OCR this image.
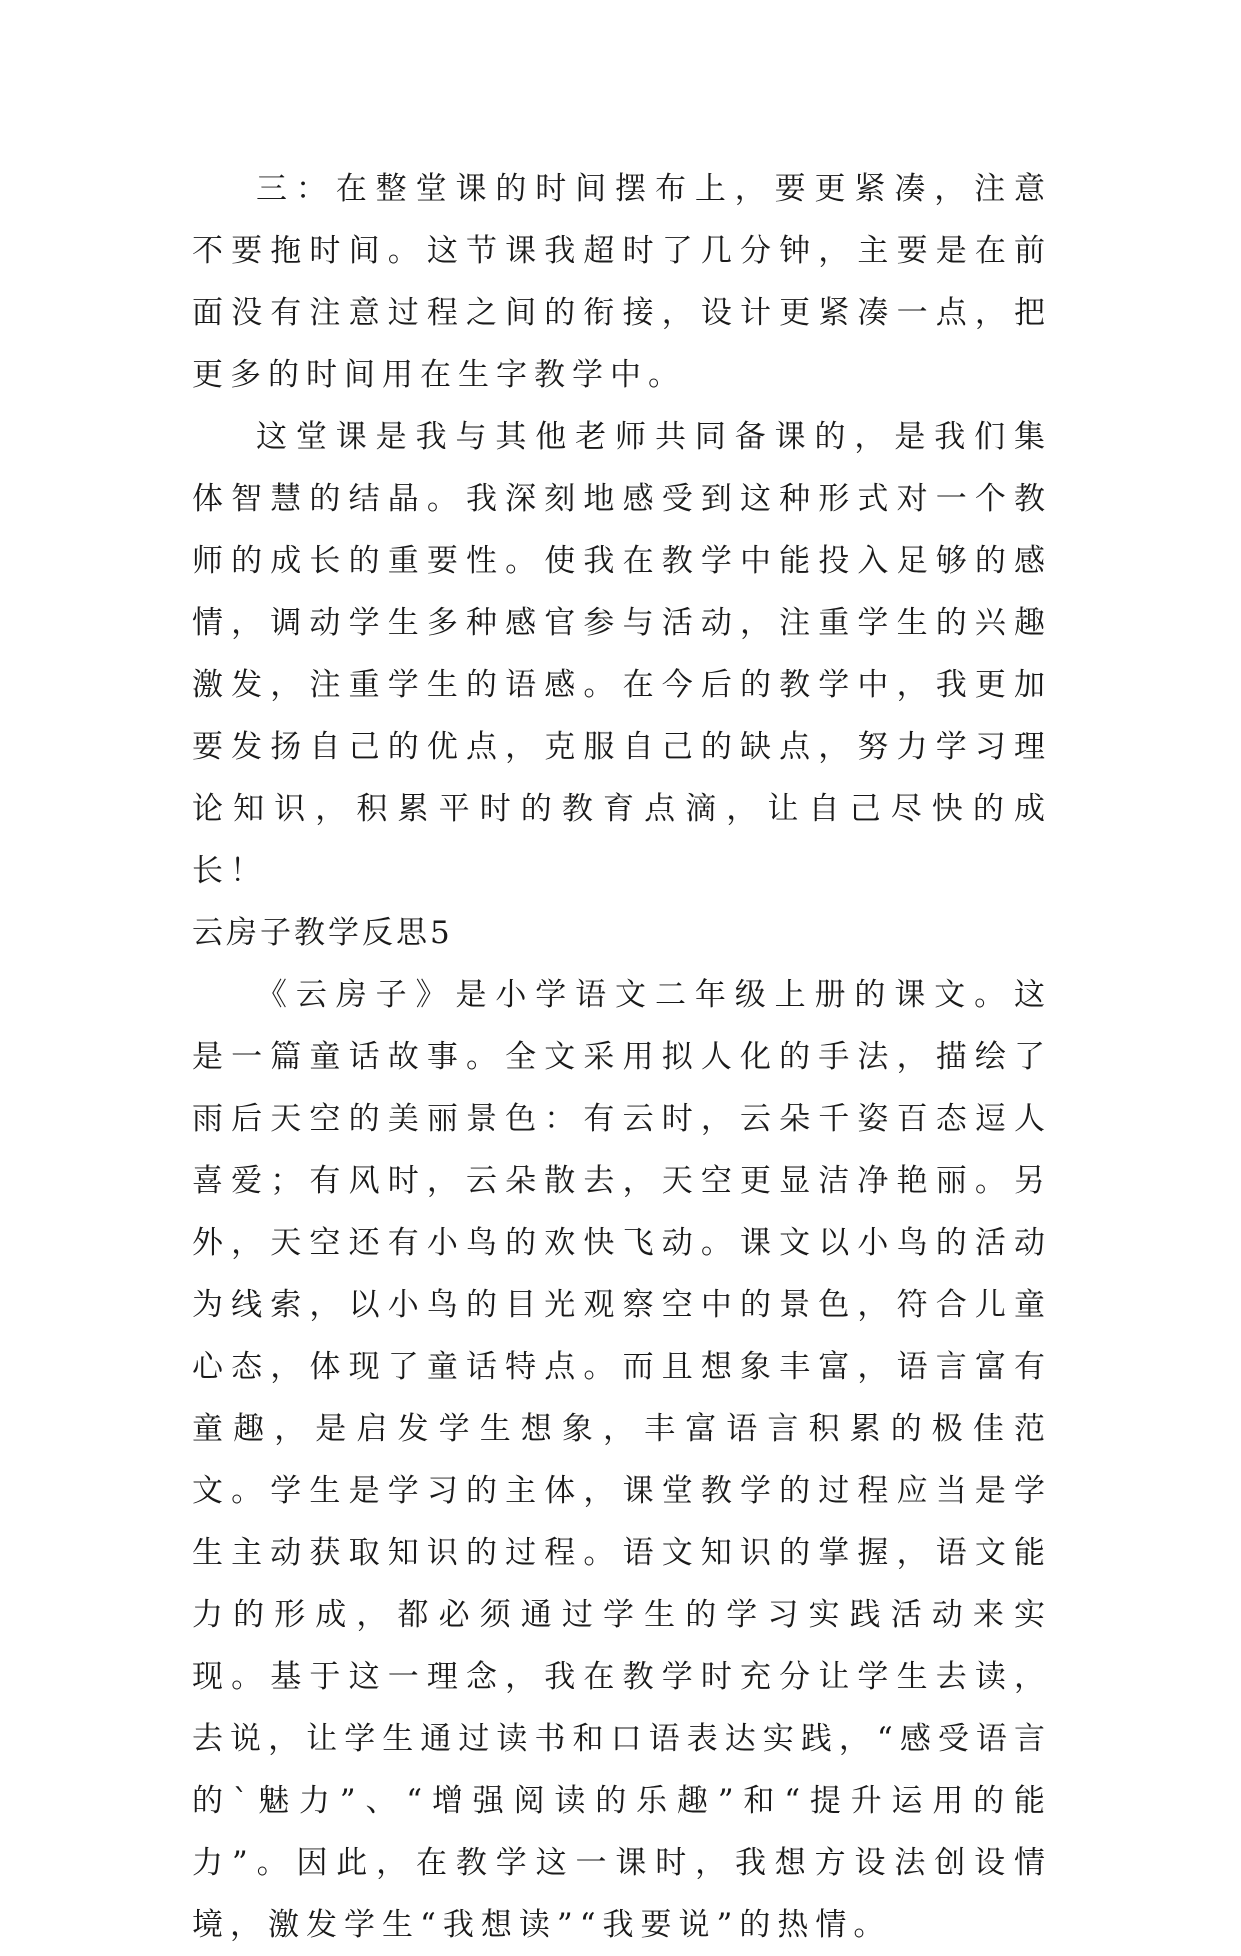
三：在整堂课的时间摆布上，要更紧凑，注意不要拖时间。这节课我超时了几分钟，主要是在前面没有注意过程之间的衔接，设计更紧凑一点，把更多的时间用在生字教学中。

这堂课是我与其他老师共同备课的，是我们集体智慧的结晶。我深刻地感受到这种形式对一个教师的成长的重要性。使我在教学中能投入足够的感情，调动学生多种感官参与活动，注重学生的兴趣激发，注重学生的语感。在今后的教学中，我更加要发扬自己的优点，克服自己的缺点，努力学习理论知识，积累平时的教育点滴，让自己尽快的成长！

云房子教学反思5

《云房子》是小学语文二年级上册的课文。这是一篇童话故事。全文采用拟人化的手法，描绘了雨后天空的美丽景色：有云时，云朵千姿百态逗人喜爱；有风时，云朵散去，天空更显洁净艳丽。另外，天空还有小鸟的欢快飞动。课文以小鸟的活动为线索，以小鸟的目光观察空中的景色，符合儿童心态，体现了童话特点。而且想象丰富，语言富有童趣，是启发学生想象，丰富语言积累的极佳范文。学生是学习的主体，课堂教学的过程应当是学生主动获取知识的过程。语文知识的掌握，语文能力的形成，都必须通过学生的学习实践活动来实现。基于这一理念，我在教学时充分让学生去读，去说，让学生通过读书和口语表达实践，“感受语言的`魅力”、“增强阅读的乐趣”和“提升运用的能力”。因此，在教学这一课时，我想方设法创设情境，激发学生“我想读”“我要说”的热情。
